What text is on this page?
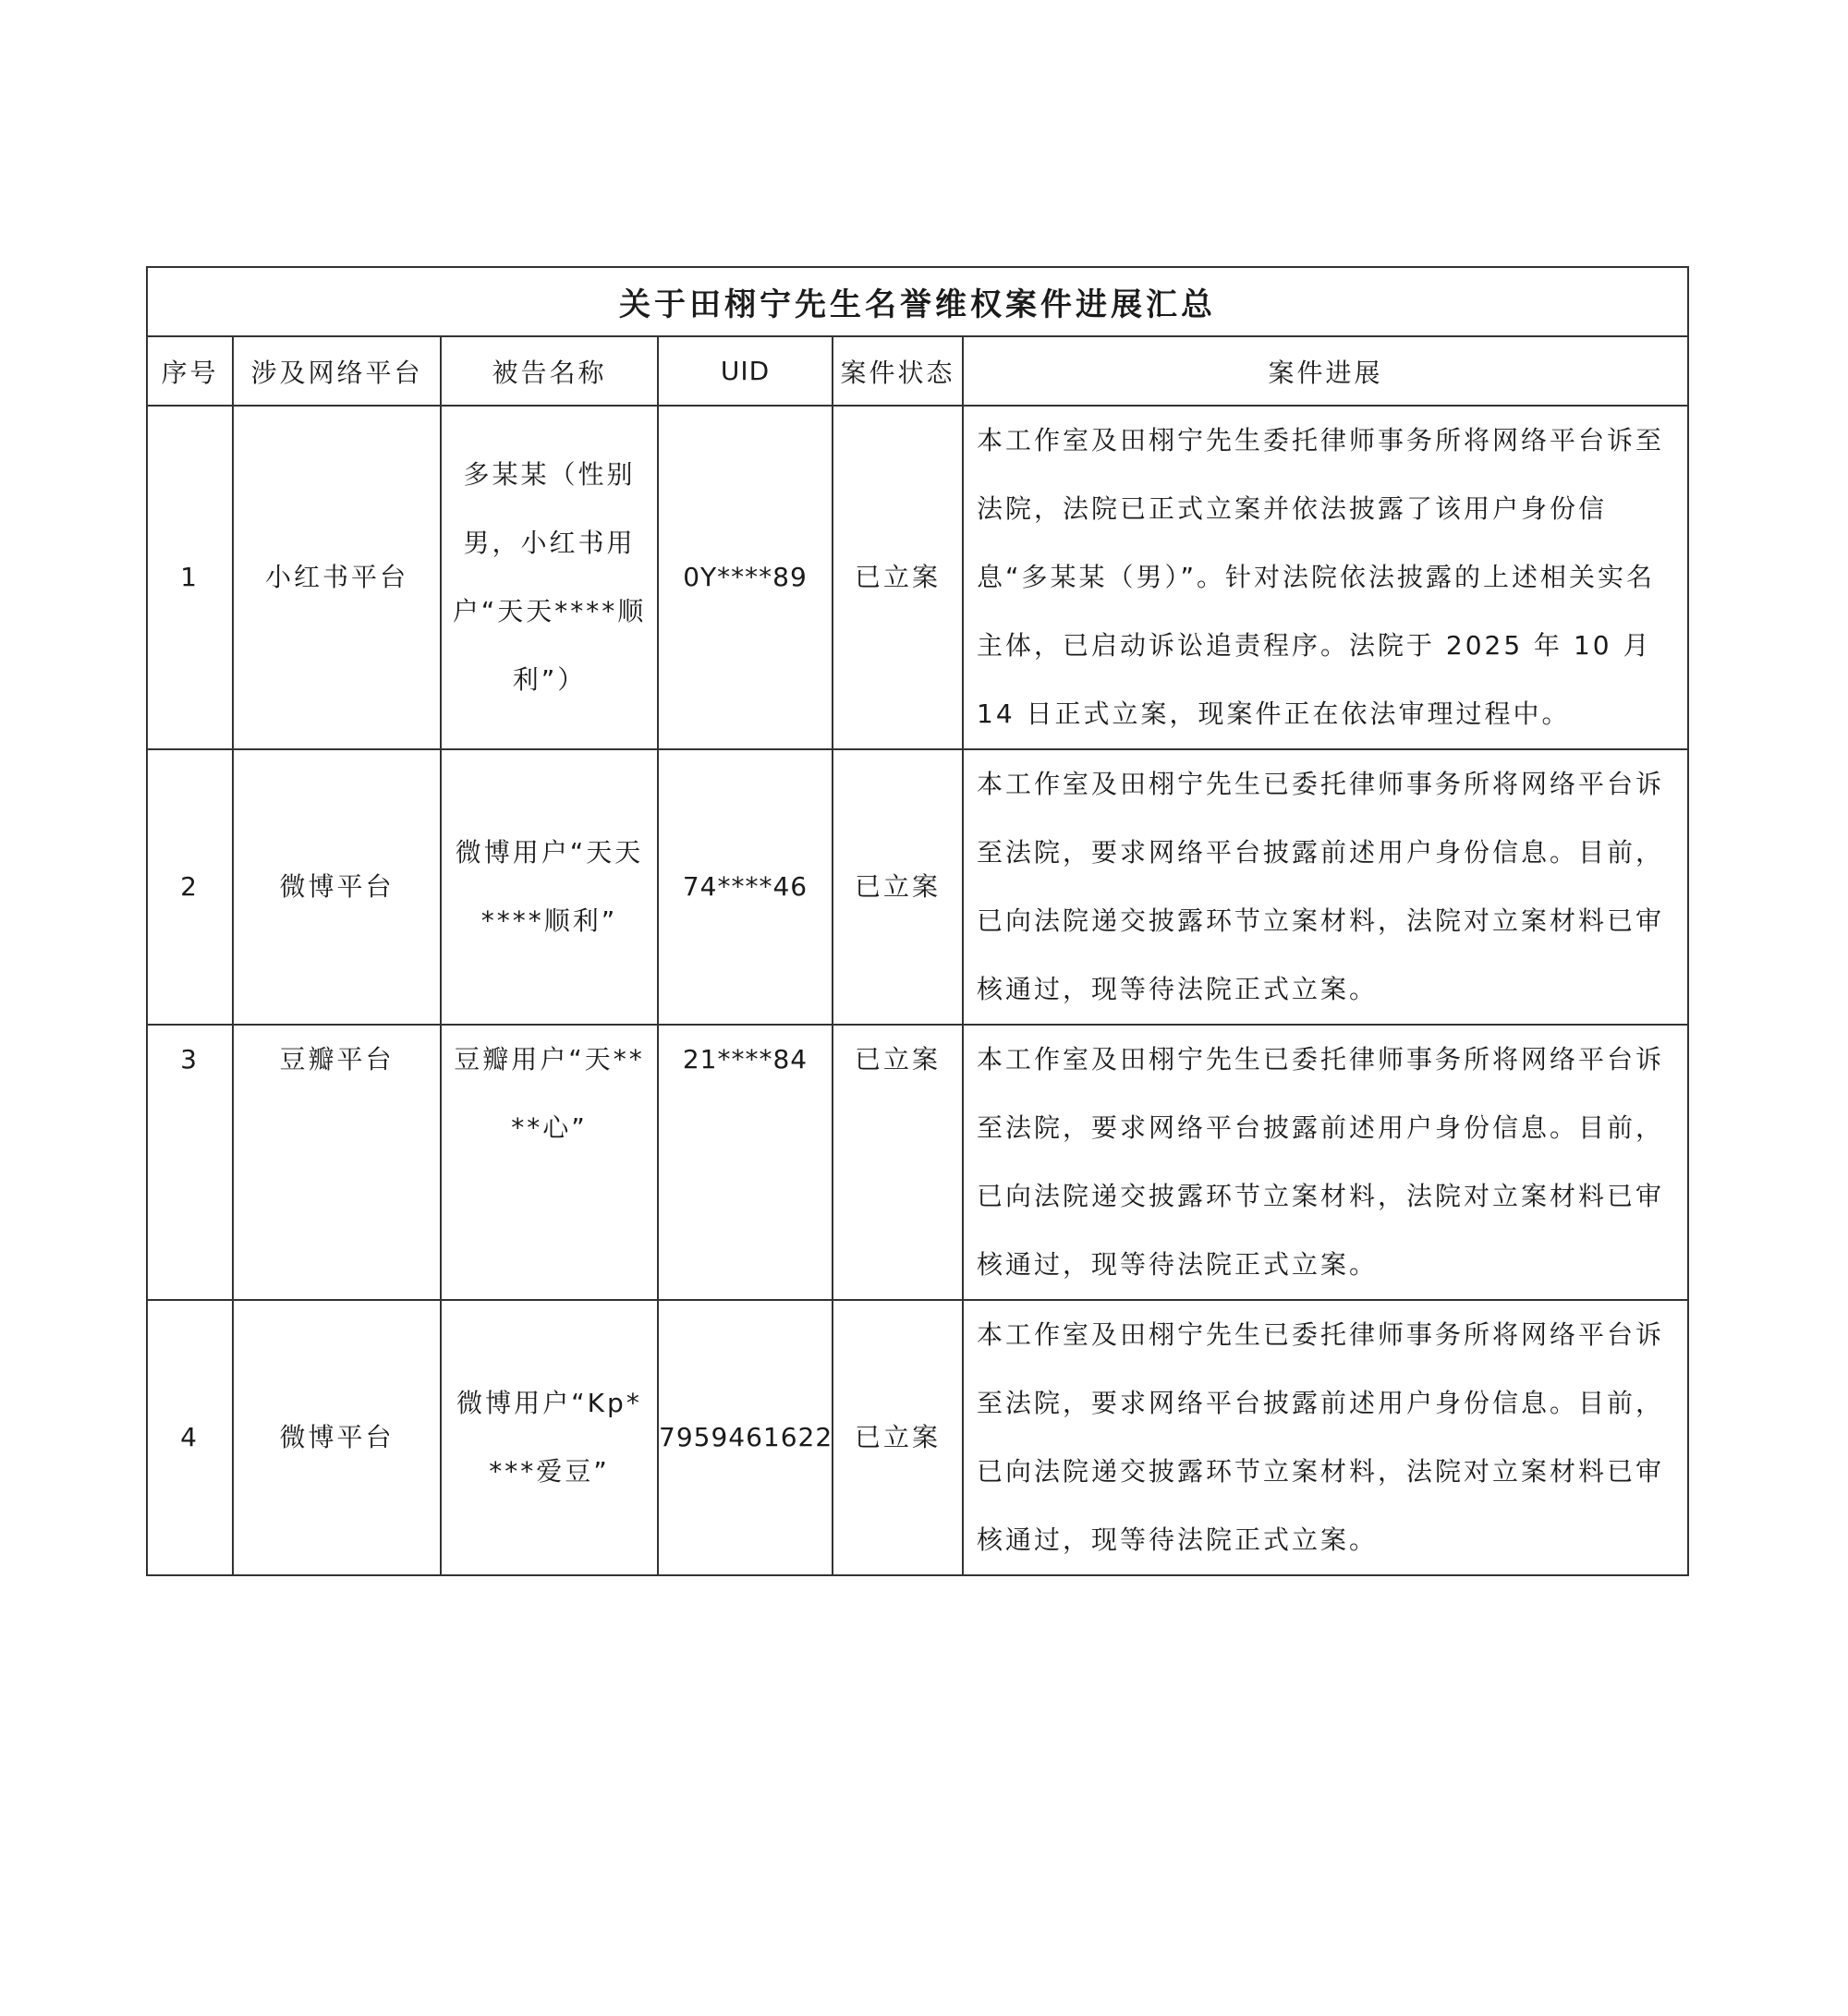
关于田栩宁先生名誉维权案件进展汇总					
序号	涉及网络平台	被告名称	UID	案件状态	案件进展
1	小红书平台	多某某（性别男，小红书用户“天天****顺利”）	0Y****89	已立案	本工作室及田栩宁先生委托律师事务所将网络平台诉至法院，法院已正式立案并依法披露了该用户身份信息“多某某（男）”。针对法院依法披露的上述相关实名主体，已启动诉讼追责程序。法院于 2025 年 10 月 14 日正式立案，现案件正在依法审理过程中。
2	微博平台	微博用户“天天****顺利”	74****46	已立案	本工作室及田栩宁先生已委托律师事务所将网络平台诉至法院，要求网络平台披露前述用户身份信息。目前，已向法院递交披露环节立案材料，法院对立案材料已审核通过，现等待法院正式立案。
3	豆瓣平台	豆瓣用户“天****心”	21****84	已立案	本工作室及田栩宁先生已委托律师事务所将网络平台诉至法院，要求网络平台披露前述用户身份信息。目前，已向法院递交披露环节立案材料，法院对立案材料已审核通过，现等待法院正式立案。
4	微博平台	微博用户“Kp****爱豆”	7959461622	已立案	本工作室及田栩宁先生已委托律师事务所将网络平台诉至法院，要求网络平台披露前述用户身份信息。目前，已向法院递交披露环节立案材料，法院对立案材料已审核通过，现等待法院正式立案。
